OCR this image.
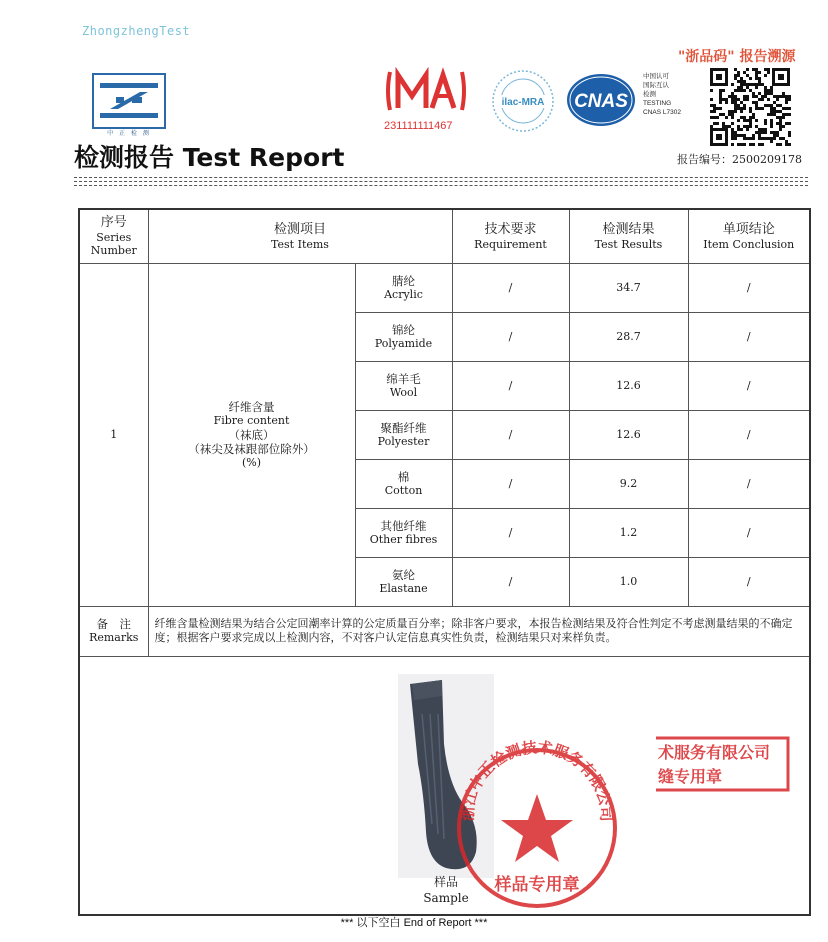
ZhongzhengTest
中 正 检 测
检测报告 Test Report
231111111467
ilac-MRA CNAS
中国认可
国际互认
检测
TESTING
CNAS L7302
"浙品码" 报告溯源
报告编号：2500209178
序号
Series
Number	检测项目
Test Items		技术要求
Requirement	检测结果
Test Results	单项结论
Item Conclusion

1	纤维含量
Fibre content
（袜底）
（袜尖及袜跟部位除外）
(%)	腈纶
Acrylic	/	34.7	/

		锦纶
Polyamide	/	28.7	/

		绵羊毛
Wool	/	12.6	/

		聚酯纤维
Polyester	/	12.6	/

		棉
Cotton	/	9.2	/

		其他纤维
Other fibres	/	1.2	/

		氨纶
Elastane	/	1.0	/

备　注
Remarks	纤维含量检测结果为结合公定回潮率计算的公定质量百分率；除非客户要求，本报告检测结果及符合性判定不考虑测量结果的不确定度；根据客户要求完成以上检测内容，不对客户认定信息真实性负责，检测结果只对来样负责。				

样品
Sample
浙江中正检测技术服务有限公司
样品专用章
术服务有限公司
缝专用章
*** 以下空白 End of Report ***
